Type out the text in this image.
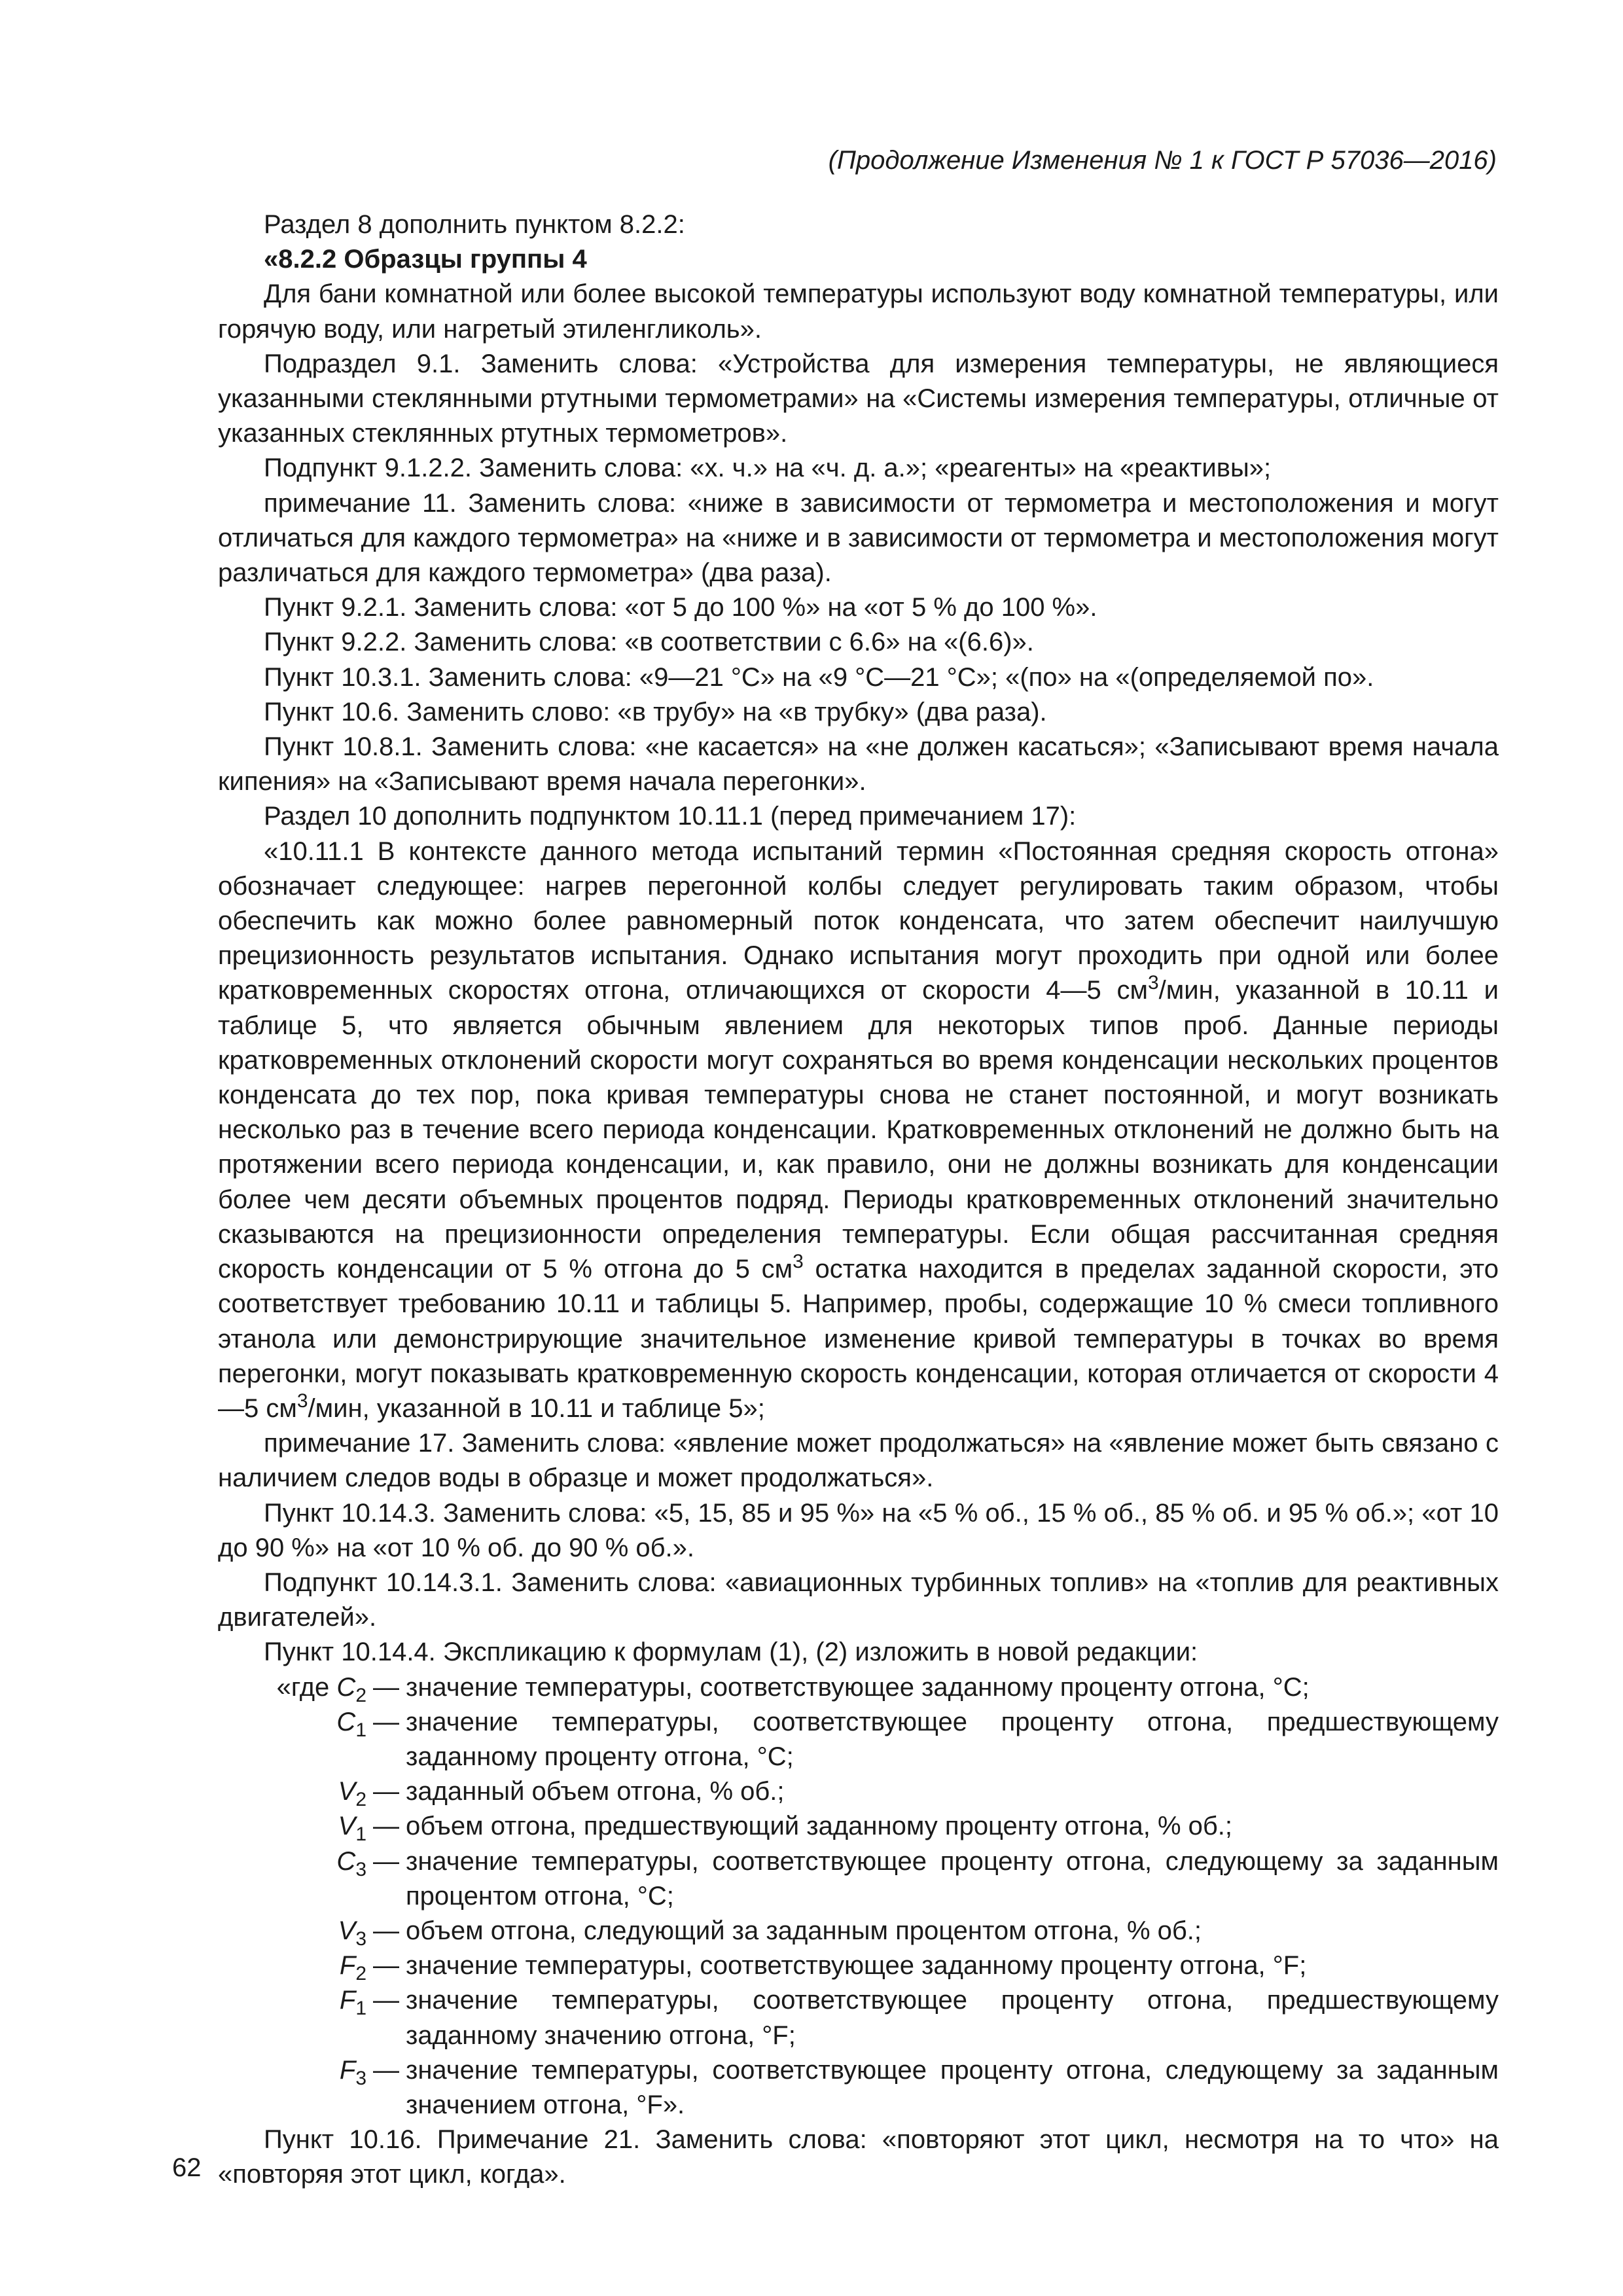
(Продолжение Изменения № 1 к ГОСТ Р 57036—2016)

Раздел 8 дополнить пунктом 8.2.2:

«8.2.2 Образцы группы 4

Для бани комнатной или более высокой температуры используют воду комнатной температуры, или горячую воду, или нагретый этиленгликоль».

Подраздел 9.1. Заменить слова: «Устройства для измерения температуры, не являющиеся указанными стеклянными ртутными термометрами» на «Системы измерения температуры, отличные от указанных стеклянных ртутных термометров».

Подпункт 9.1.2.2. Заменить слова: «х. ч.» на «ч. д. а.»; «реагенты» на «реактивы»;

примечание 11. Заменить слова: «ниже в зависимости от термометра и местоположения и могут отличаться для каждого термометра» на «ниже и в зависимости от термометра и местоположения могут различаться для каждого термометра» (два раза).

Пункт 9.2.1. Заменить слова: «от 5 до 100 %» на «от 5 % до 100 %».

Пункт 9.2.2. Заменить слова: «в соответствии с 6.6» на «(6.6)».

Пункт 10.3.1. Заменить слова: «9—21 °С» на «9 °С—21 °С»; «(по» на «(определяемой по».

Пункт 10.6. Заменить слово: «в трубу» на «в трубку» (два раза).

Пункт 10.8.1. Заменить слова: «не касается» на «не должен касаться»; «Записывают время начала кипения» на «Записывают время начала перегонки».

Раздел 10 дополнить подпунктом 10.11.1 (перед примечанием 17):

«10.11.1 В контексте данного метода испытаний термин «Постоянная средняя скорость отгона» обозначает следующее: нагрев перегонной колбы следует регулировать таким образом, чтобы обеспечить как можно более равномерный поток конденсата, что затем обеспечит наилучшую прецизионность результатов испытания. Однако испытания могут проходить при одной или более кратковременных скоростях отгона, отличающихся от скорости 4—5 $см^3$/мин, указанной в 10.11 и таблице 5, что является обычным явлением для некоторых типов проб. Данные периоды кратковременных отклонений скорости могут сохраняться во время конденсации нескольких процентов конденсата до тех пор, пока кривая температуры снова не станет постоянной, и могут возникать несколько раз в течение всего периода конденсации. Кратковременных отклонений не должно быть на протяжении всего периода конденсации, и, как правило, они не должны возникать для конденсации более чем десяти объемных процентов подряд. Периоды кратковременных отклонений значительно сказываются на прецизионности определения температуры. Если общая рассчитанная средняя скорость конденсации от 5 % отгона до 5 $см^3$ остатка находится в пределах заданной скорости, это соответствует требованию 10.11 и таблицы 5. Например, пробы, содержащие 10 % смеси топливного этанола или демонстрирующие значительное изменение кривой температуры в точках во время перегонки, могут показывать кратковременную скорость конденсации, которая отличается от скорости 4—5 $см^3$/мин, указанной в 10.11 и таблице 5»;

примечание 17. Заменить слова: «явление может продолжаться» на «явление может быть связано с наличием следов воды в образце и может продолжаться».

Пункт 10.14.3. Заменить слова: «5, 15, 85 и 95 %» на «5 % об., 15 % об., 85 % об. и 95 % об.»; «от 10 до 90 %» на «от 10 % об. до 90 % об.».

Подпункт 10.14.3.1. Заменить слова: «авиационных турбинных топлив» на «топлив для реактивных двигателей».

Пункт 10.14.4. Экспликацию к формулам (1), (2) изложить в новой редакции:

«где $C_2$ — значение температуры, соответствующее заданному проценту отгона, °С;
$C_1$ — значение температуры, соответствующее проценту отгона, предшествующему заданному проценту отгона, °С;
$V_2$ — заданный объем отгона, % об.;
$V_1$ — объем отгона, предшествующий заданному проценту отгона, % об.;
$C_3$ — значение температуры, соответствующее проценту отгона, следующему за заданным процентом отгона, °С;
$V_3$ — объем отгона, следующий за заданным процентом отгона, % об.;
$F_2$ — значение температуры, соответствующее заданному проценту отгона, °F;
$F_1$ — значение температуры, соответствующее проценту отгона, предшествующему заданному значению отгона, °F;
$F_3$ — значение температуры, соответствующее проценту отгона, следующему за заданным значением отгона, °F».

Пункт 10.16. Примечание 21. Заменить слова: «повторяют этот цикл, несмотря на то что» на «повторяя этот цикл, когда».

62
